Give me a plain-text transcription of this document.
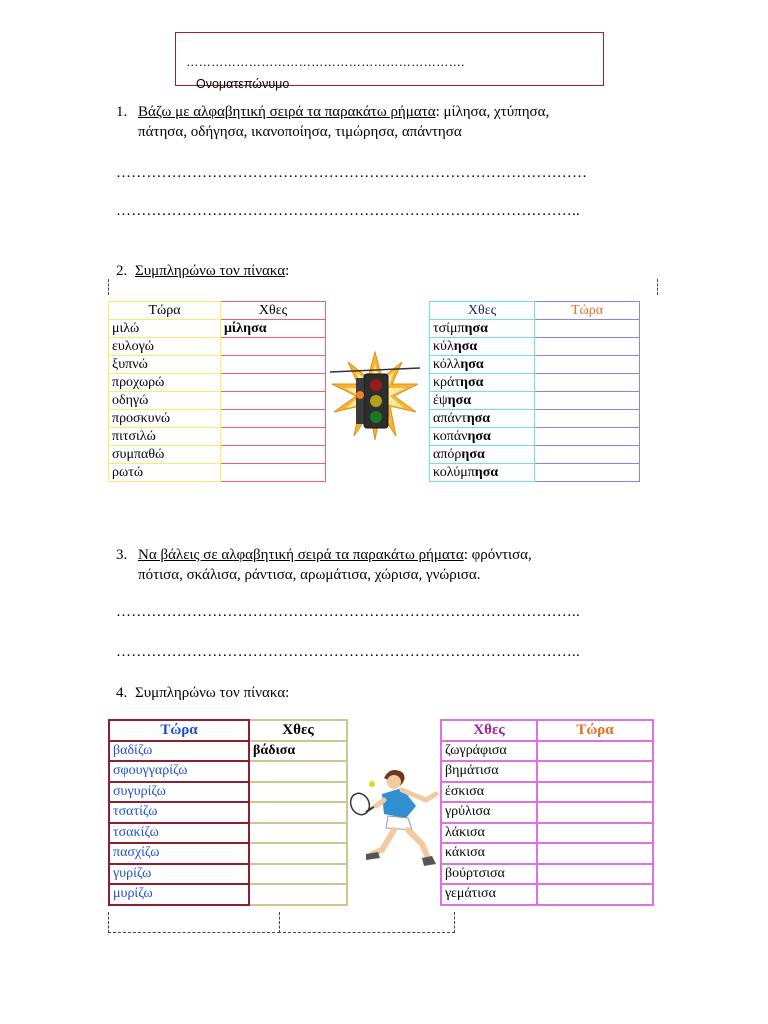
Ονοματεπώνυμο
………………………………………………………….
1. Βάζω με αλφαβητική σειρά τα παρακάτω ρήματα: μίλησα, χτύπησα,
πάτησα, οδήγησα, ικανοποίησα, τιμώρησα, απάντησα
…………………………………………………………………………………
………………………………………………………………………………..
2. Συμπληρώνω τον πίνακα:
Τώρα	Χθες
μιλώ	μίλησα
ευλογώ	
ξυπνώ	
προχωρώ	
οδηγώ	
προσκυνώ	
πιτσιλώ	
συμπαθώ	
ρωτώ	
Χθες	Τώρα
τσίμπησα	
κύλησα	
κόλλησα	
κράτησα	
έψησα	
απάντησα	
κοπάνησα	
απόρησα	
κολύμπησα	
3. Να βάλεις σε αλφαβητική σειρά τα παρακάτω ρήματα: φρόντισα,
πότισα, σκάλισα, ράντισα, αρωμάτισα, χώρισα, γνώρισα.
………………………………………………………………………………..
………………………………………………………………………………..
4. Συμπληρώνω τον πίνακα:
Τώρα	Χθες
βαδίζω	βάδισα
σφουγγαρίζω	
συγυρίζω	
τσατίζω	
τσακίζω	
πασχίζω	
γυρίζω	
μυρίζω	
Χθες	Τώρα
ζωγράφισα	
βημάτισα	
έσκισα	
γρύλισα	
λάκισα	
κάκισα	
βούρτσισα	
γεμάτισα	
